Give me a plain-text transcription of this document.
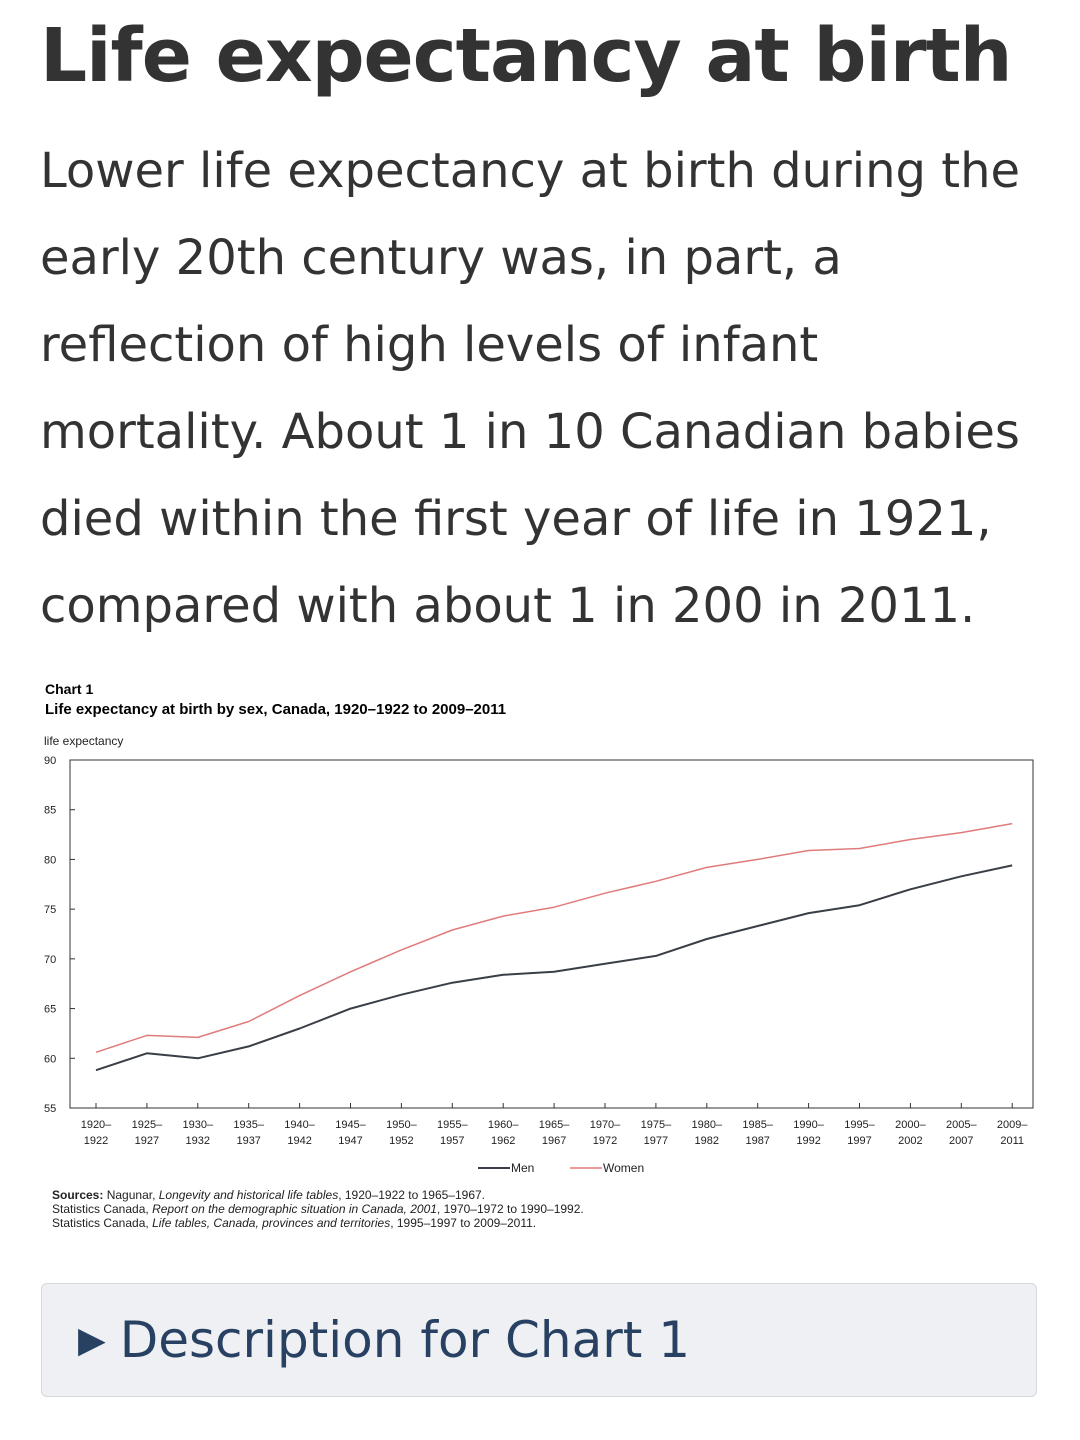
Life expectancy at birth

Lower life expectancy at birth during the early 20th century was, in part, a reflection of high levels of infant mortality. About 1 in 10 Canadian babies died within the first year of life in 1921, compared with about 1 in 200 in 2011.

Chart 1
Life expectancy at birth by sex, Canada, 1920–1922 to 2009–2011
life expectancy
55
60
65
70
75
80
85
90
1920–
1922
1925–
1927
1930–
1932
1935–
1937
1940–
1942
1945–
1947
1950–
1952
1955–
1957
1960–
1962
1965–
1967
1970–
1972
1975–
1977
1980–
1982
1985–
1987
1990–
1992
1995–
1997
2000–
2002
2005–
2007
2009–
2011
Men	Women
Sources: Nagunar, Longevity and historical life tables, 1920–1922 to 1965–1967.
Statistics Canada, Report on the demographic situation in Canada, 2001, 1970–1972 to 1990–1992.
Statistics Canada, Life tables, Canada, provinces and territories, 1995–1997 to 2009–2011.
▶ Description for Chart 1
